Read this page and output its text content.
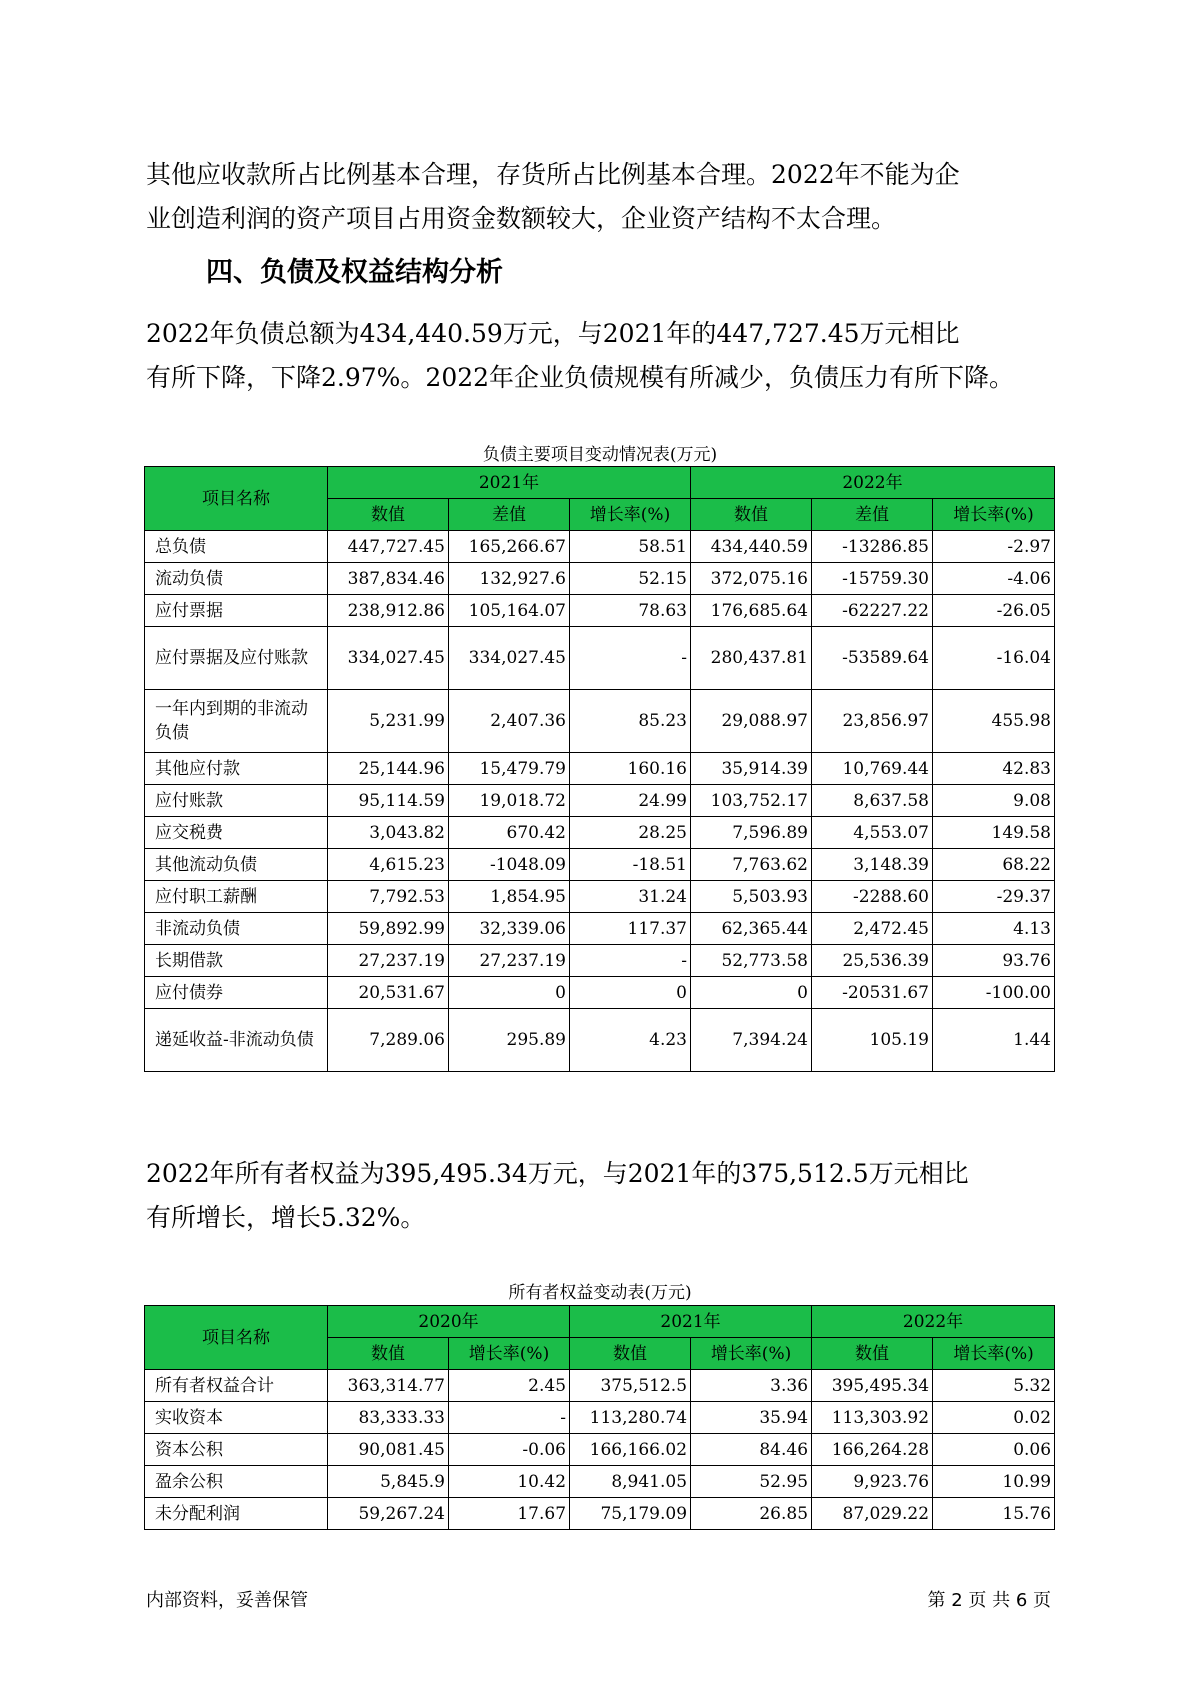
其他应收款所占比例基本合理，存货所占比例基本合理。2022年不能为企
业创造利润的资产项目占用资金数额较大，企业资产结构不太合理。
四、负债及权益结构分析
2022年负债总额为434,440.59万元，与2021年的447,727.45万元相比
有所下降，下降2.97%。2022年企业负债规模有所减少，负债压力有所下降。

负债主要项目变动情况表(万元)

项目名称	2021年			2022年		
	数值	差值	增长率(%)	数值	差值	增长率(%)
总负债	447,727.45	165,266.67	58.51	434,440.59	-13286.85	-2.97
流动负债	387,834.46	132,927.6	52.15	372,075.16	-15759.30	-4.06
应付票据	238,912.86	105,164.07	78.63	176,685.64	-62227.22	-26.05
应付票据及应付账款	334,027.45	334,027.45	-	280,437.81	-53589.64	-16.04
一年内到期的非流动负债	5,231.99	2,407.36	85.23	29,088.97	23,856.97	455.98
其他应付款	25,144.96	15,479.79	160.16	35,914.39	10,769.44	42.83
应付账款	95,114.59	19,018.72	24.99	103,752.17	8,637.58	9.08
应交税费	3,043.82	670.42	28.25	7,596.89	4,553.07	149.58
其他流动负债	4,615.23	-1048.09	-18.51	7,763.62	3,148.39	68.22
应付职工薪酬	7,792.53	1,854.95	31.24	5,503.93	-2288.60	-29.37
非流动负债	59,892.99	32,339.06	117.37	62,365.44	2,472.45	4.13
长期借款	27,237.19	27,237.19	-	52,773.58	25,536.39	93.76
应付债券	20,531.67	0	0	0	-20531.67	-100.00
递延收益-非流动负债	7,289.06	295.89	4.23	7,394.24	105.19	1.44
2022年所有者权益为395,495.34万元，与2021年的375,512.5万元相比
有所增长，增长5.32%。

所有者权益变动表(万元)

项目名称	2020年		2021年		2022年	
	数值	增长率(%)	数值	增长率(%)	数值	增长率(%)
所有者权益合计	363,314.77	2.45	375,512.5	3.36	395,495.34	5.32
实收资本	83,333.33	-	113,280.74	35.94	113,303.92	0.02
资本公积	90,081.45	-0.06	166,166.02	84.46	166,264.28	0.06
盈余公积	5,845.9	10.42	8,941.05	52.95	9,923.76	10.99
未分配利润	59,267.24	17.67	75,179.09	26.85	87,029.22	15.76

内部资料，妥善保管	第 2 页 共 6 页
